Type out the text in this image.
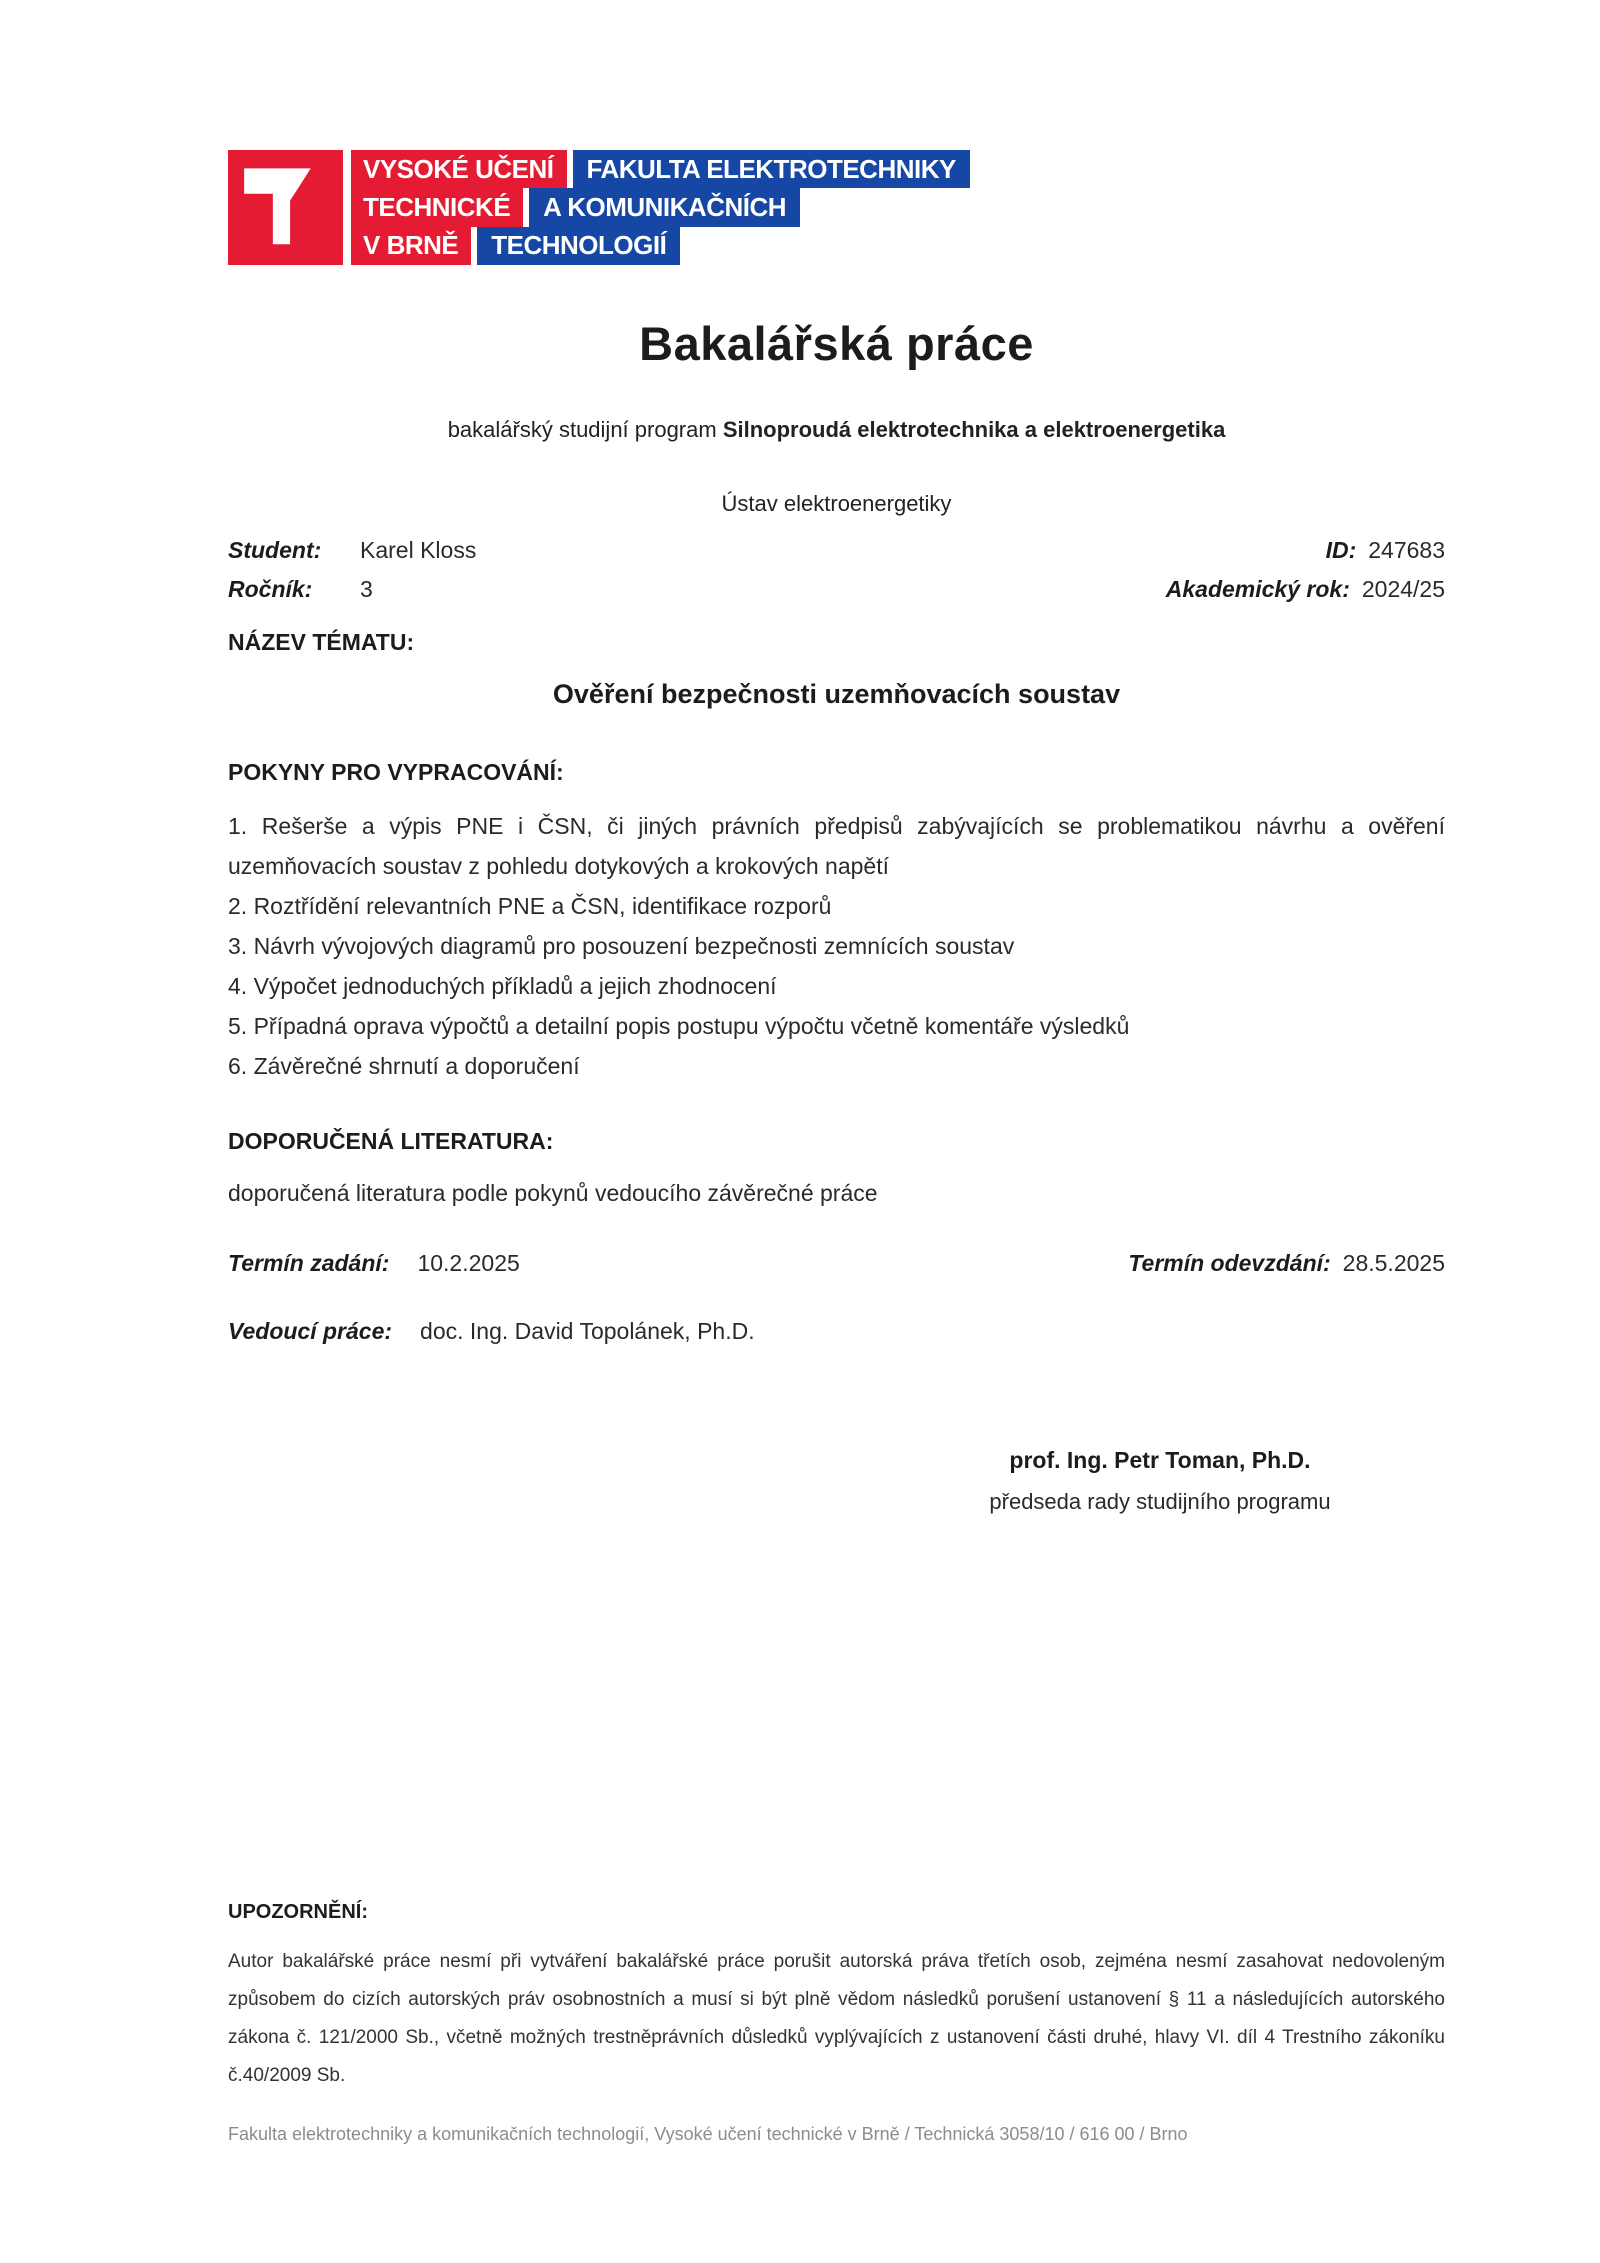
VYSOKÉ UČENÍ	FAKULTA ELEKTROTECHNIKY
TECHNICKÉ	A KOMUNIKAČNÍCH
V BRNĚ	TECHNOLOGIÍ
Bakalářská práce
bakalářský studijní program Silnoproudá elektrotechnika a elektroenergetika
Ústav elektroenergetiky
Student:	Karel Kloss	ID: 247683
Ročník:	3	Akademický rok: 2024/25
NÁZEV TÉMATU:
Ověření bezpečnosti uzemňovacích soustav
POKYNY PRO VYPRACOVÁNÍ:

1. Rešerše a výpis PNE i ČSN, či jiných právních předpisů zabývajících se problematikou návrhu a ověření uzemňovacích soustav z pohledu dotykových a krokových napětí

2. Roztřídění relevantních PNE a ČSN, identifikace rozporů

3. Návrh vývojových diagramů pro posouzení bezpečnosti zemnících soustav

4. Výpočet jednoduchých příkladů a jejich zhodnocení

5. Případná oprava výpočtů a detailní popis postupu výpočtu včetně komentáře výsledků

6. Závěrečné shrnutí a doporučení

DOPORUČENÁ LITERATURA:
doporučená literatura podle pokynů vedoucího závěrečné práce
Termín zadání: 10.2.2025	Termín odevzdání: 28.5.2025
Vedoucí práce: doc. Ing. David Topolánek, Ph.D.
prof. Ing. Petr Toman, Ph.D.
předseda rady studijního programu
UPOZORNĚNÍ:
Autor bakalářské práce nesmí při vytváření bakalářské práce porušit autorská práva třetích osob, zejména nesmí zasahovat nedovoleným způsobem do cizích autorských práv osobnostních a musí si být plně vědom následků porušení ustanovení § 11 a následujících autorského zákona č. 121/2000 Sb., včetně možných trestněprávních důsledků vyplývajících z ustanovení části druhé, hlavy VI. díl 4 Trestního zákoníku č.40/2009 Sb.
Fakulta elektrotechniky a komunikačních technologií, Vysoké učení technické v Brně / Technická 3058/10 / 616 00 / Brno
